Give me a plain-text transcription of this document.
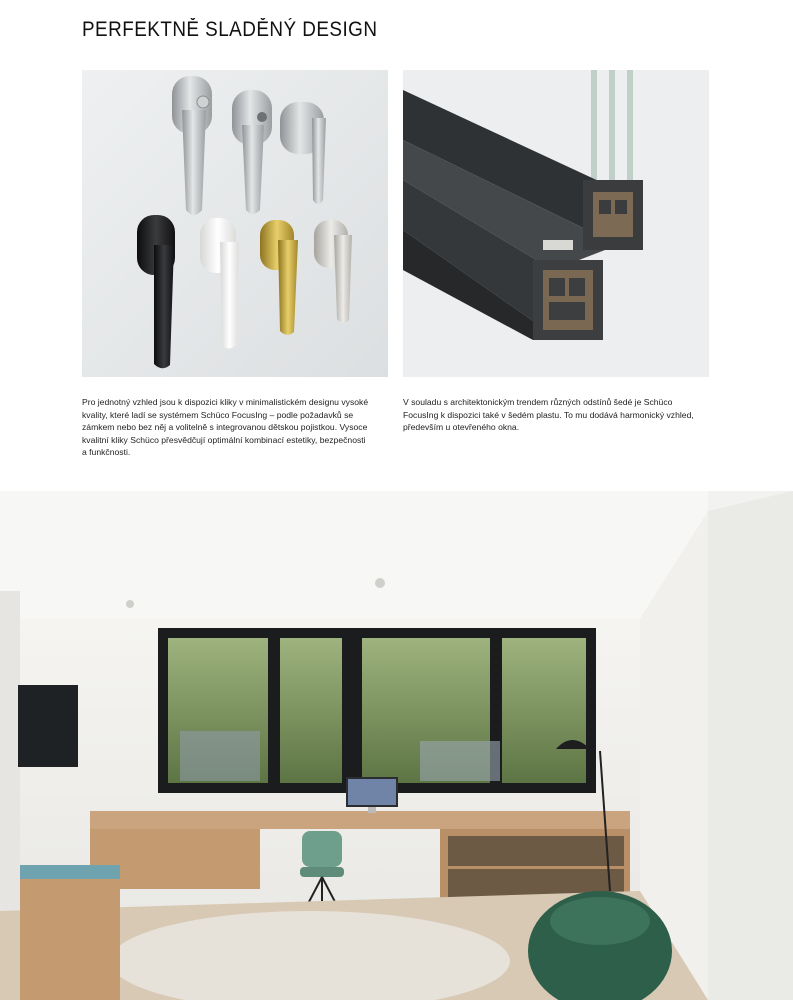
PERFEKTNĚ SLADĚNÝ DESIGN

Pro jednotný vzhled jsou k dispozici kliky v minimalistickém designu vysoké
kvality, které ladí se systémem Schüco FocusIng – podle požadavků se
zámkem nebo bez něj a volitelně s integrovanou dětskou pojistkou. Vysoce
kvalitní kliky Schüco přesvědčují optimální kombinací estetiky, bezpečnosti
a funkčnosti.

V souladu s architektonickým trendem různých odstínů šedé je Schüco
FocusIng k dispozici také v šedém plastu. To mu dodává harmonický vzhled,
především u otevřeného okna.
